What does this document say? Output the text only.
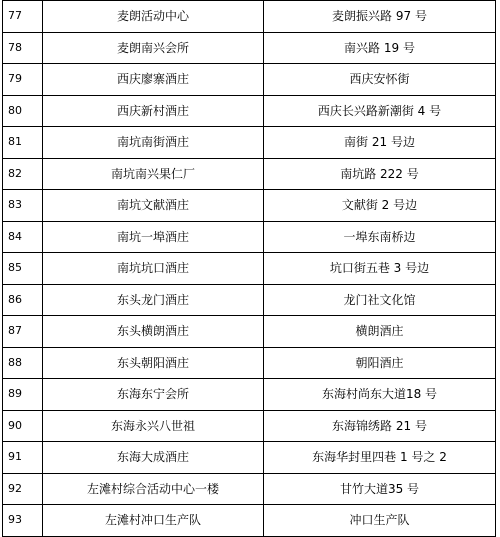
77	麦朗活动中心	麦朗振兴路 97 号
78	麦朗南兴会所	南兴路 19 号
79	西庆廖寨酒庄	西庆安怀街
80	西庆新村酒庄	西庆长兴路新潮街 4 号
81	南坑南街酒庄	南街 21 号边
82	南坑南兴果仁厂	南坑路 222 号
83	南坑文献酒庄	文献街 2 号边
84	南坑一埠酒庄	一埠东南桥边
85	南坑坑口酒庄	坑口街五巷 3 号边
86	东头龙门酒庄	龙门社文化馆
87	东头横朗酒庄	横朗酒庄
88	东头朝阳酒庄	朝阳酒庄
89	东海东宁会所	东海村尚东大道18 号
90	东海永兴八世祖	东海锦绣路 21 号
91	东海大成酒庄	东海华封里四巷 1 号之 2
92	左滩村综合活动中心一楼	甘竹大道35 号
93	左滩村冲口生产队	冲口生产队
